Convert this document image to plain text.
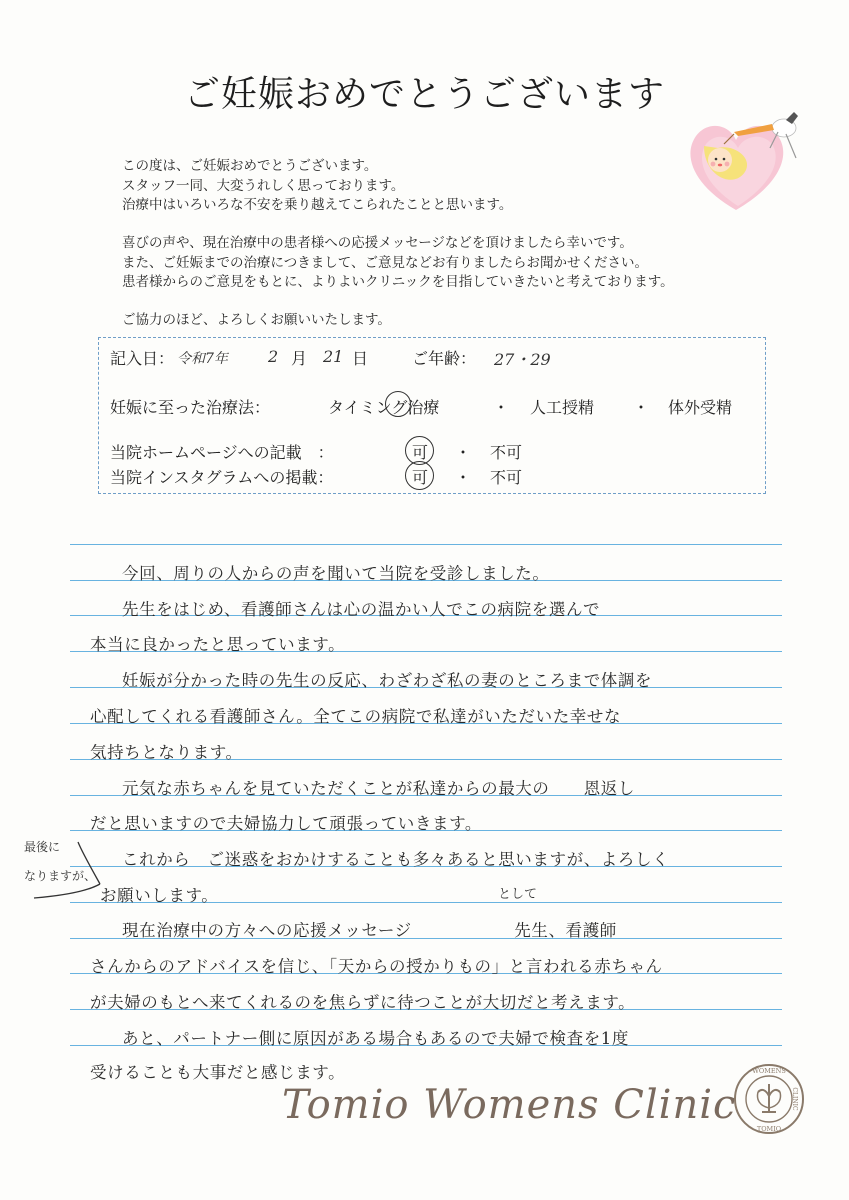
ご妊娠おめでとうございます
この度は、ご妊娠おめでとうございます。
スタッフ一同、大変うれしく思っております。
治療中はいろいろな不安を乗り越えてこられたことと思います。
喜びの声や、現在治療中の患者様への応援メッセージなどを頂けましたら幸いです。
また、ご妊娠までの治療につきまして、ご意見などお有りましたらお聞かせください。
患者様からのご意見をもとに、よりよいクリニックを目指していきたいと考えております。
ご協力のほど、よろしくお願いいたします。
記入日： 令和7年	2 月 21 日	ご年齢： 27・29
妊娠に至った治療法：	タイミング治療	・ 人工授精 ・ 体外受精
当院ホームページへの記載　：	可 ・ 不可
当院インスタグラムへの掲載：	可 ・ 不可
今回、周りの人からの声を聞いて当院を受診しました。
先生をはじめ、看護師さんは心の温かい人でこの病院を選んで
本当に良かったと思っています。
妊娠が分かった時の先生の反応、わざわざ私の妻のところまで体調を
心配してくれる看護師さん。全てこの病院で私達がいただいた幸せな
気持ちとなります。
元気な赤ちゃんを見ていただくことが私達からの最大の　　恩返し
だと思いますので夫婦協力して頑張っていきます。
これから　ご迷惑をおかけすることも多々あると思いますが、よろしく
お願いします。
現在治療中の方々への応援メッセージ　　　　　　先生、看護師
さんからのアドバイスを信じ、「天からの授かりもの」と言われる赤ちゃん
が夫婦のもとへ来てくれるのを焦らずに待つことが大切だと考えます。
あと、パートナー側に原因がある場合もあるので夫婦で検査を1度
受けることも大事だと感じます。
最後に
なりますが、
として
Tomio Womens Clinic
WOMENS
TOMIO
CLINIC
